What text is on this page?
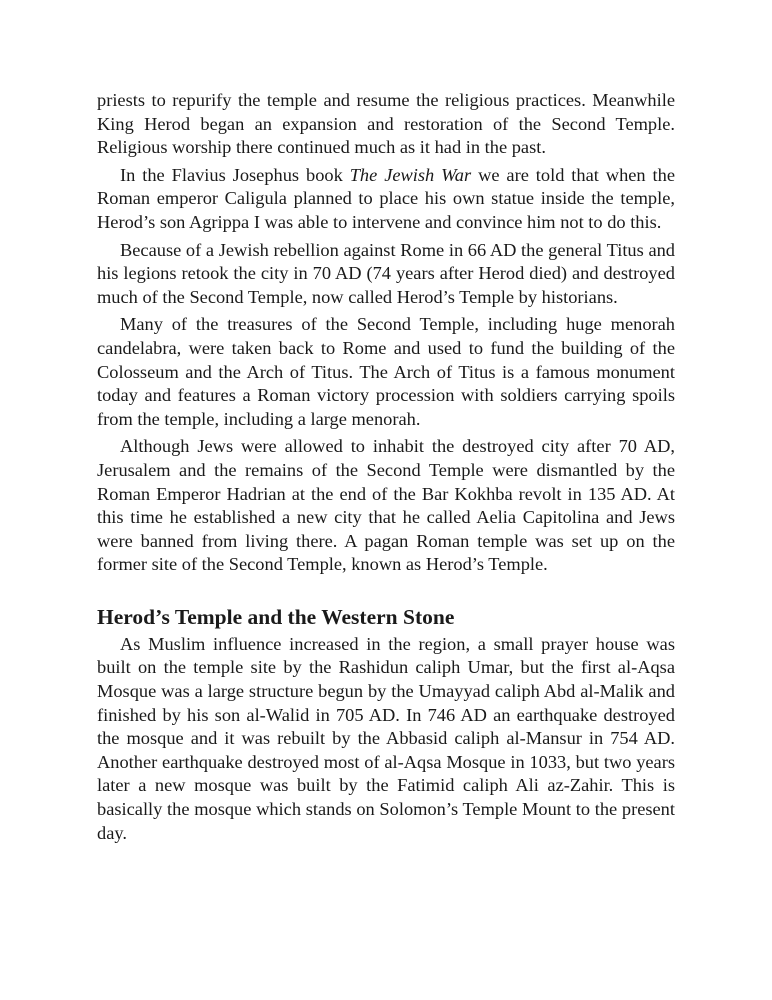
priests to repurify the temple and resume the religious practices. Meanwhile King Herod began an expansion and restoration of the Second Temple. Religious worship there continued much as it had in the past.

In the Flavius Josephus book The Jewish War we are told that when the Roman emperor Caligula planned to place his own statue inside the temple, Herod’s son Agrippa I was able to intervene and convince him not to do this.

Because of a Jewish rebellion against Rome in 66 AD the general Titus and his legions retook the city in 70 AD (74 years after Herod died) and destroyed much of the Second Temple, now called Herod’s Temple by historians.

Many of the treasures of the Second Temple, including huge menorah candelabra, were taken back to Rome and used to fund the building of the Colosseum and the Arch of Titus. The Arch of Titus is a famous monument today and features a Roman victory procession with soldiers carrying spoils from the temple, including a large menorah.

Although Jews were allowed to inhabit the destroyed city after 70 AD, Jerusalem and the remains of the Second Temple were dismantled by the Roman Emperor Hadrian at the end of the Bar Kokhba revolt in 135 AD. At this time he established a new city that he called Aelia Capitolina and Jews were banned from living there. A pagan Roman temple was set up on the former site of the Second Temple, known as Herod’s Temple.

Herod’s Temple and the Western Stone

As Muslim influence increased in the region, a small prayer house was built on the temple site by the Rashidun caliph Umar, but the first al-Aqsa Mosque was a large structure begun by the Umayyad caliph Abd al-Malik and finished by his son al-Walid in 705 AD. In 746 AD an earthquake destroyed the mosque and it was rebuilt by the Abbasid caliph al-Mansur in 754 AD. Another earthquake destroyed most of al-Aqsa Mosque in 1033, but two years later a new mosque was built by the Fatimid caliph Ali az-Zahir. This is basically the mosque which stands on Solomon’s Temple Mount to the present day.
